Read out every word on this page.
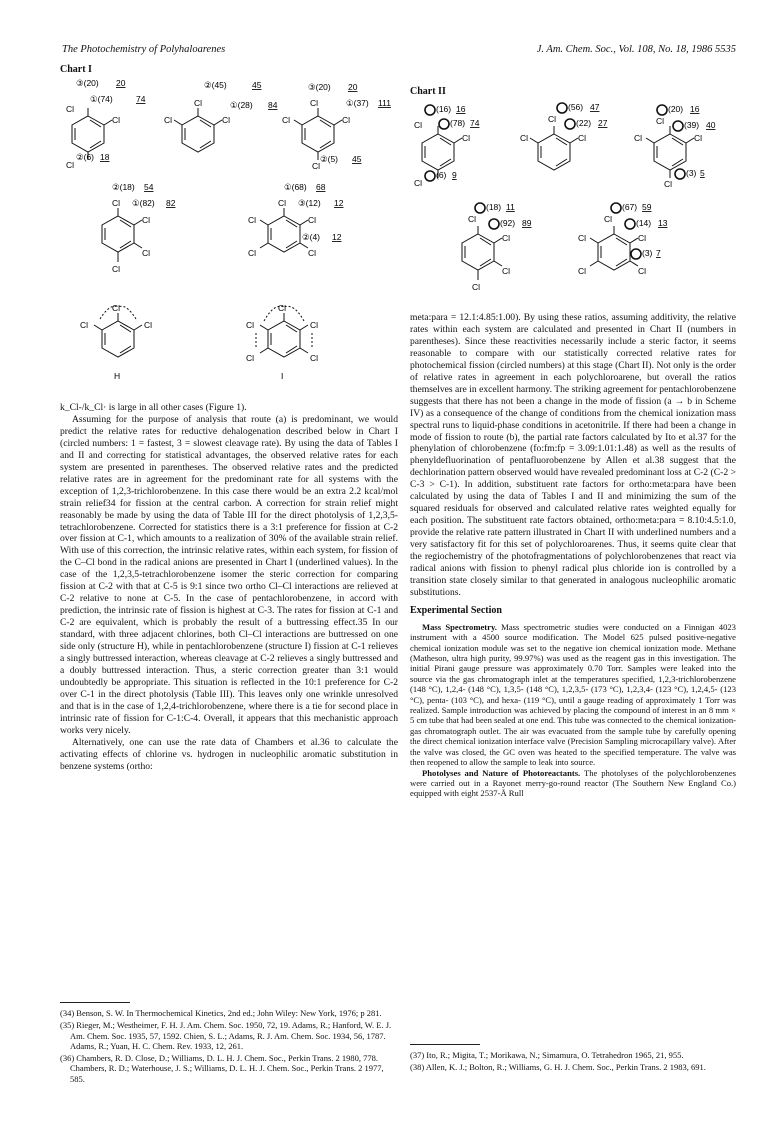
The Photochemistry of Polyhaloarenes	J. Am. Chem. Soc., Vol. 108, No. 18, 1986 5535
Chart I
Cl
Cl
Cl
③(20) 20
①(74)	74
②(6) 18
Cl
Cl
Cl
②(45)	45
①(28) 84	Cl
Cl
Cl
Cl
③(20) 20
①(37) 111
②(5) 45
Cl
Cl
Cl
Cl
②(18) 54
①(82) 82	Cl
Cl
Cl
Cl	Cl
①(68) 68
③(12) 12
②(4) 12
Cl
Cl
Cl
H
Cl
Cl
Cl
Cl	Cl
I

k_Cl-/k_Cl· is large in all other cases (Figure 1).

Assuming for the purpose of analysis that route (a) is predominant, we would predict the relative rates for reductive dehalogenation described below in Chart I (circled numbers: 1 = fastest, 3 = slowest cleavage rate). By using the data of Tables I and II and correcting for statistical advantages, the observed relative rates for each system are presented in parentheses. The observed relative rates and the predicted relative rates are in agreement for the predominant rate for all systems with the exception of 1,2,3-trichlorobenzene. In this case there would be an extra 2.2 kcal/mol strain relief34 for fission at the central carbon. A correction for strain relief might reasonably be made by using the data of Table III for the direct photolysis of 1,2,3,5-tetrachlorobenzene. Corrected for statistics there is a 3:1 preference for fission at C-2 over fission at C-1, which amounts to a realization of 30% of the available strain relief. With use of this correction, the intrinsic relative rates, within each system, for fission of the C–Cl bond in the radical anions are presented in Chart I (underlined values). In the case of the 1,2,3,5-tetrachlorobenzene isomer the steric correction for comparing fission at C-2 with that at C-5 is 9:1 since two ortho Cl–Cl interactions are relieved at C-2 relative to none at C-5. In the case of pentachlorobenzene, in accord with prediction, the intrinsic rate of fission is highest at C-3. The rates for fission at C-1 and C-2 are equivalent, which is probably the result of a buttressing effect.35 In our standard, with three adjacent chlorines, both Cl–Cl interactions are buttressed on one side only (structure H), while in pentachlorobenzene (structure I) fission at C-1 relieves a singly buttressed interaction, whereas cleavage at C-2 relieves a singly buttressed and a doubly buttressed interaction. Thus, a steric correction greater than 3:1 would undoubtedly be appropriate. This situation is reflected in the 10:1 preference for C-2 over C-1 in the direct photolysis (Table III). This leaves only one wrinkle unresolved and that is in the case of 1,2,4-trichlorobenzene, where there is a tie for second place in intrinsic rate of fission for C-1:C-4. Overall, it appears that this mechanistic approach works very nicely.

Alternatively, one can use the rate data of Chambers et al.36 to calculate the activating effects of chlorine vs. hydrogen in nucleophilic aromatic substitution in benzene systems (ortho:

(34) Benson, S. W. In Thermochemical Kinetics, 2nd ed.; John Wiley: New York, 1976; p 281.

(35) Rieger, M.; Westheimer, F. H. J. Am. Chem. Soc. 1950, 72, 19. Adams, R.; Hanford, W. E. J. Am. Chem. Soc. 1935, 57, 1592. Chien, S. L.; Adams, R. J. Am. Chem. Soc. 1934, 56, 1787. Adams, R.; Yuan, H. C. Chem. Rev. 1933, 12, 261.

(36) Chambers, R. D. Close, D.; Williams, D. L. H. J. Chem. Soc., Perkin Trans. 2 1980, 778. Chambers, R. D.; Waterhouse, J. S.; Williams, D. L. H. J. Chem. Soc., Perkin Trans. 2 1977, 585.

Chart II
Cl
Cl
Cl
(16) 16
(78) 74
(6) 9
Cl
Cl
Cl
(56) 47
(22) 27	Cl
Cl
Cl
Cl
(20) 16
(39) 40
(3) 5
Cl
Cl
Cl
Cl
(18) 11
(92) 89	Cl
Cl
Cl
Cl	Cl
(67) 59
(14) 13
(3) 7

meta:para = 12.1:4.85:1.00). By using these ratios, assuming additivity, the relative rates within each system are calculated and presented in Chart II (numbers in parentheses). Since these reactivities necessarily include a steric factor, it seems reasonable to compare with our statistically corrected relative rates for photochemical fission (circled numbers) at this stage (Chart II). Not only is the order of relative rates in agreement in each polychloroarene, but overall the ratios themselves are in excellent harmony. The striking agreement for pentachlorobenzene suggests that there has not been a change in the mode of fission (a → b in Scheme IV) as a consequence of the change of conditions from the chemical ionization mass spectral runs to liquid-phase conditions in acetonitrile. If there had been a change in mode of fission to route (b), the partial rate factors calculated by Ito et al.37 for the phenylation of chlorobenzene (fo:fm:fp = 3.09:1.01:1.48) as well as the results of phenyldefluorination of pentafluorobenzene by Allen et al.38 suggest that the dechlorination pattern observed would have revealed predominant loss at C-2 (C-2 > C-3 > C-1). In addition, substituent rate factors for ortho:meta:para have been calculated by using the data of Tables I and II and minimizing the sum of the squared residuals for observed and calculated relative rates weighted equally for each position. The substituent rate factors obtained, ortho:meta:para = 8.10:4.5:1.0, provide the relative rate pattern illustrated in Chart II with underlined numbers and a very satisfactory fit for this set of polychloroarenes. Thus, it seems quite clear that the regiochemistry of the photofragmentations of polychlorobenzenes that react via radical anions with fission to phenyl radical plus chloride ion is controlled by a transition state closely similar to that generated in analogous nucleophilic aromatic substitutions.

Experimental Section

Mass Spectrometry. Mass spectrometric studies were conducted on a Finnigan 4023 instrument with a 4500 source modification. The Model 625 pulsed positive-negative chemical ionization module was set to the negative ion chemical ionization mode. Methane (Matheson, ultra high purity, 99.97%) was used as the reagent gas in this investigation. The initial Pirani gauge pressure was approximately 0.70 Torr. Samples were leaked into the source via the gas chromatograph inlet at the temperatures specified, 1,2,3-trichlorobenzene (148 °C), 1,2,4- (148 °C), 1,3,5- (148 °C), 1,2,3,5- (173 °C), 1,2,3,4- (123 °C), 1,2,4,5- (123 °C), penta- (103 °C), and hexa- (119 °C), until a gauge reading of approximately 1 Torr was realized. Sample introduction was achieved by placing the compound of interest in an 8 mm × 5 cm tube that had been sealed at one end. This tube was connected to the chemical ionization-gas chromatograph outlet. The air was evacuated from the sample tube by carefully opening the direct chemical ionization interface valve (Precision Sampling microcapillary valve). After the valve was closed, the GC oven was heated to the specified temperature. The valve was then reopened to allow the sample to leak into source.

Photolyses and Nature of Photoreactants. The photolyses of the polychlorobenzenes were carried out in a Rayonet merry-go-round reactor (The Southern New England Co.) equipped with eight 2537-Å Rull

(37) Ito, R.; Migita, T.; Morikawa, N.; Simamura, O. Tetrahedron 1965, 21, 955.

(38) Allen, K. J.; Bolton, R.; Williams, G. H. J. Chem. Soc., Perkin Trans. 2 1983, 691.
